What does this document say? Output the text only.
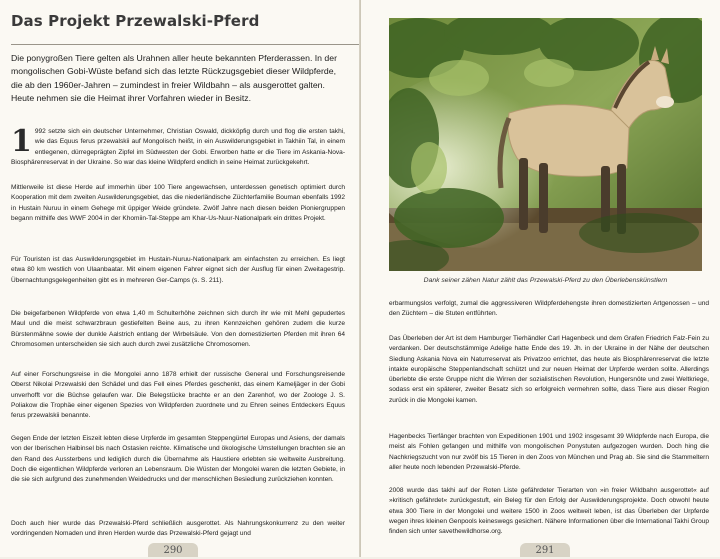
Das Projekt Przewalski-Pferd

Die ponygroßen Tiere gelten als Urahnen aller heute bekannten Pferderassen. In der mongolischen Gobi-Wüste befand sich das letzte Rückzugsgebiet dieser Wildpferde, die ab den 1960er-Jahren – zumindest in freier Wildbahn – als ausgerottet galten. Heute nehmen sie die Heimat ihrer Vorfahren wieder in Besitz.

1 992 setzte sich ein deutscher Unternehmer, Christian Oswald, dickköpfig durch und flog die ersten takhi, wie das Equus ferus przewalskii auf Mongolisch heißt, in ein Auswilderungsgebiet in Takhiin Tal, in einem entlegenen, dürregeprägten Zipfel im Südwesten der Gobi. Erworben hatte er die Tiere im Askania-Nova-Biosphärenreservat in der Ukraine. So war das kleine Wildpferd endlich in seine Heimat zurückgekehrt.

Mittlerweile ist diese Herde auf immerhin über 100 Tiere angewachsen, unterdessen genetisch optimiert durch Kooperation mit dem zweiten Auswilderungsgebiet, das die niederländische Züchterfamilie Bouman ebenfalls 1992 in Hustain Nuruu in einem Gehege mit üppiger Weide gründete. Zwölf Jahre nach diesen beiden Pioniergruppen begann mithilfe des WWF 2004 in der Khomiin-Tal-Steppe am Khar-Us-Nuur-Nationalpark ein drittes Projekt.

Für Touristen ist das Auswilderungsgebiet im Hustain-Nuruu-Nationalpark am einfachsten zu erreichen. Es liegt etwa 80 km westlich von Ulaanbaatar. Mit einem eigenen Fahrer eignet sich der Ausflug für einen Zweitagestrip. Übernachtungsgelegenheiten gibt es in mehreren Ger-Camps (s. S. 211).

Die beigefarbenen Wildpferde von etwa 1,40 m Schulterhöhe zeichnen sich durch ihr wie mit Mehl gepudertes Maul und die meist schwarzbraun gestiefelten Beine aus, zu ihren Kennzeichen gehören zudem die kurze Bürstenmähne sowie der dunkle Aalstrich entlang der Wirbelsäule. Von den domestizierten Pferden mit ihren 64 Chromosomen unterscheiden sie sich auch durch zwei zusätzliche Chromosomen.

Auf einer Forschungsreise in die Mongolei anno 1878 erhielt der russische General und Forschungsreisende Oberst Nikolai Przewalski den Schädel und das Fell eines Pferdes geschenkt, das einem Kameljäger in der Gobi unverhofft vor die Büchse gelaufen war. Die Belegstücke brachte er an den Zarenhof, wo der Zoologe J. S. Poliakow die Trophäe einer eigenen Spezies von Wildpferden zuordnete und zu Ehren seines Entdeckers Equus ferus przewalskii benannte.

Gegen Ende der letzten Eiszeit lebten diese Urpferde im gesamten Steppengürtel Europas und Asiens, der damals von der Iberischen Halbinsel bis nach Ostasien reichte. Klimatische und ökologische Umstellungen brachten sie an den Rand des Aussterbens und lediglich durch die Übernahme als Haustiere erlebten sie weltweite Ausbreitung. Doch die eigentlichen Wildpferde verloren an Lebensraum. Die Wüsten der Mongolei waren die letzten Gebiete, in die sie sich aufgrund des zunehmenden Weidedrucks und der menschlichen Besiedlung zurückziehen konnten.

Doch auch hier wurde das Przewalski-Pferd schließlich ausgerottet. Als Nahrungskonkurrenz zu den weiter vordringenden Nomaden und ihren Herden wurde das Przewalski-Pferd gejagt und

290

Dank seiner zähen Natur zählt das Przewalski-Pferd zu den Überlebenskünstlern

erbarmungslos verfolgt, zumal die aggressiveren Wildpferdehengste ihren domestizierten Artgenossen – und den Züchtern – die Stuten entführten.

Das Überleben der Art ist dem Hamburger Tierhändler Carl Hagenbeck und dem Grafen Friedrich Falz-Fein zu verdanken. Der deutschstämmige Adelige hatte Ende des 19. Jh. in der Ukraine in der Nähe der deutschen Siedlung Askania Nova ein Naturreservat als Privatzoo errichtet, das heute als Biosphärenreservat die letzte intakte europäische Steppenlandschaft schützt und zur neuen Heimat der Urpferde werden sollte. Allerdings überlebte die erste Gruppe nicht die Wirren der sozialistischen Revolution, Hungersnöte und zwei Weltkriege, sodass erst ein späterer, zweiter Besatz sich so erfolgreich vermehren sollte, dass Tiere aus dieser Region zurück in die Mongolei kamen.

Hagenbecks Tierfänger brachten von Expeditionen 1901 und 1902 insgesamt 39 Wildpferde nach Europa, die meist als Fohlen gefangen und mithilfe von mongolischen Ponystuten aufgezogen wurden. Doch hing die Nachkriegszucht von nur zwölf bis 15 Tieren in den Zoos von München und Prag ab. Sie sind die Stammeltern aller heute noch lebenden Przewalski-Pferde.

2008 wurde das takhi auf der Roten Liste gefährdeter Tierarten von »in freier Wildbahn ausgerottet« auf »kritisch gefährdet« zurückgestuft, ein Beleg für den Erfolg der Auswilderungsprojekte. Doch obwohl heute etwa 300 Tiere in der Mongolei und weitere 1500 in Zoos weltweit leben, ist das Überleben der Urpferde wegen ihres kleinen Genpools keineswegs gesichert. Nähere Informationen über die International Takhi Group finden sich unter savethewildhorse.org.

291
